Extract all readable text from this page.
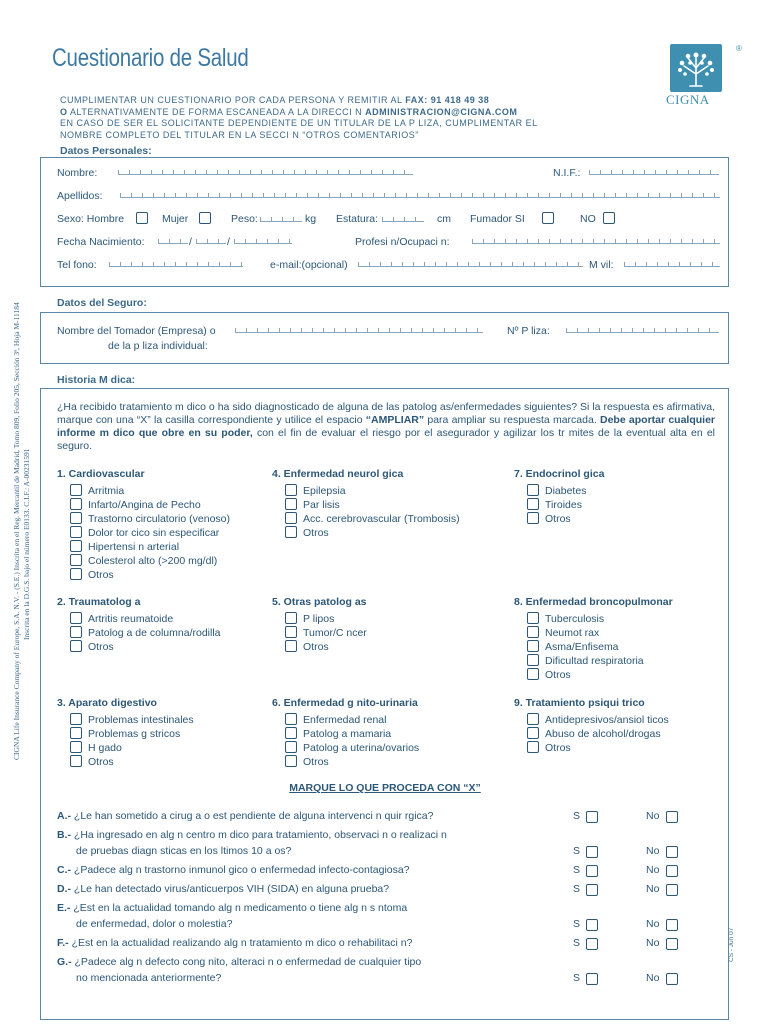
Cuestionario de Salud	®
CIGNA
CUMPLIMENTAR UN CUESTIONARIO POR CADA PERSONA Y REMITIR AL FAX: 91 418 49 38
O ALTERNATIVAMENTE DE FORMA ESCANEADA A LA DIRECCI N ADMINISTRACION@CIGNA.COM
EN CASO DE SER EL SOLICITANTE DEPENDIENTE DE UN TITULAR DE LA P LIZA, CUMPLIMENTAR EL
NOMBRE COMPLETO DEL TITULAR EN LA SECCI N “OTROS COMENTARIOS”
CIGNA Life Insurance Company of Europe, S.A. N.V. - (S.E.) Inscrita en el Reg. Mercantil de Madrid, Tomo 809, Folio 205, Sección 3ª, Hoja M-11184 Inscrita en la D.G.S. bajo el número E0133. C.I.F.: A-00231591
CS - Jun 07
Datos Personales:
Nombre:	N.I.F.:
Apellidos:
Sexo: Hombre	Mujer	Peso:	kg Estatura:	cm Fumador SI	NO
Fecha Nacimiento:	/	/	Profesi n/Ocupaci n:
Tel fono:	e-mail:(opcional)	M vil:
Datos del Seguro:
Nombre del Tomador (Empresa) o
de la p liza individual:
Nº P liza:
Historia M dica:
¿Ha recibido tratamiento m dico o ha sido diagnosticado de alguna de las patolog as/enfermedades siguientes? Si la respuesta es afirmativa, marque con una “X” la casilla correspondiente y utilice el espacio “AMPLIAR” para ampliar su respuesta marcada. Debe aportar cualquier informe m dico que obre en su poder, con el fin de evaluar el riesgo por el asegurador y agilizar los tr mites de la eventual alta en el seguro.
1. Cardiovascular
Arritmia
Infarto/Angina de Pecho
Trastorno circulatorio (venoso)
Dolor tor cico sin especificar
Hipertensi n arterial
Colesterol alto (>200 mg/dl)
Otros
4. Enfermedad neurol gica
Epilepsia
Par lisis
Acc. cerebrovascular (Trombosis)
Otros
7. Endocrinol gica
Diabetes
Tiroides
Otros
2. Traumatolog a
Artritis reumatoide
Patolog a de columna/rodilla
Otros
5. Otras patolog as
P lipos
Tumor/C ncer
Otros
8. Enfermedad broncopulmonar
Tuberculosis
Neumot rax
Asma/Enfisema
Dificultad respiratoria
Otros
3. Aparato digestivo
Problemas intestinales
Problemas g stricos
H gado
Otros
6. Enfermedad g nito-urinaria
Enfermedad renal
Patolog a mamaria
Patolog a uterina/ovarios
Otros
9. Tratamiento psiqui trico
Antidepresivos/ansiol ticos
Abuso de alcohol/drogas
Otros
MARQUE LO QUE PROCEDA CON “X”
A.- ¿Le han sometido a cirug a o est pendiente de alguna intervenci n quir rgica?	S	No
B.- ¿Ha ingresado en alg n centro m dico para tratamiento, observaci n o realizaci n
de pruebas diagn sticas en los ltimos 10 a os?	S	No
C.- ¿Padece alg n trastorno inmunol gico o enfermedad infecto-contagiosa?	S	No
D.- ¿Le han detectado virus/anticuerpos VIH (SIDA) en alguna prueba?	S	No
E.- ¿Est en la actualidad tomando alg n medicamento o tiene alg n s ntoma
de enfermedad, dolor o molestia?	S	No
F.- ¿Est en la actualidad realizando alg n tratamiento m dico o rehabilitaci n?	S	No
G.- ¿Padece alg n defecto cong nito, alteraci n o enfermedad de cualquier tipo
no mencionada anteriormente?	S	No
